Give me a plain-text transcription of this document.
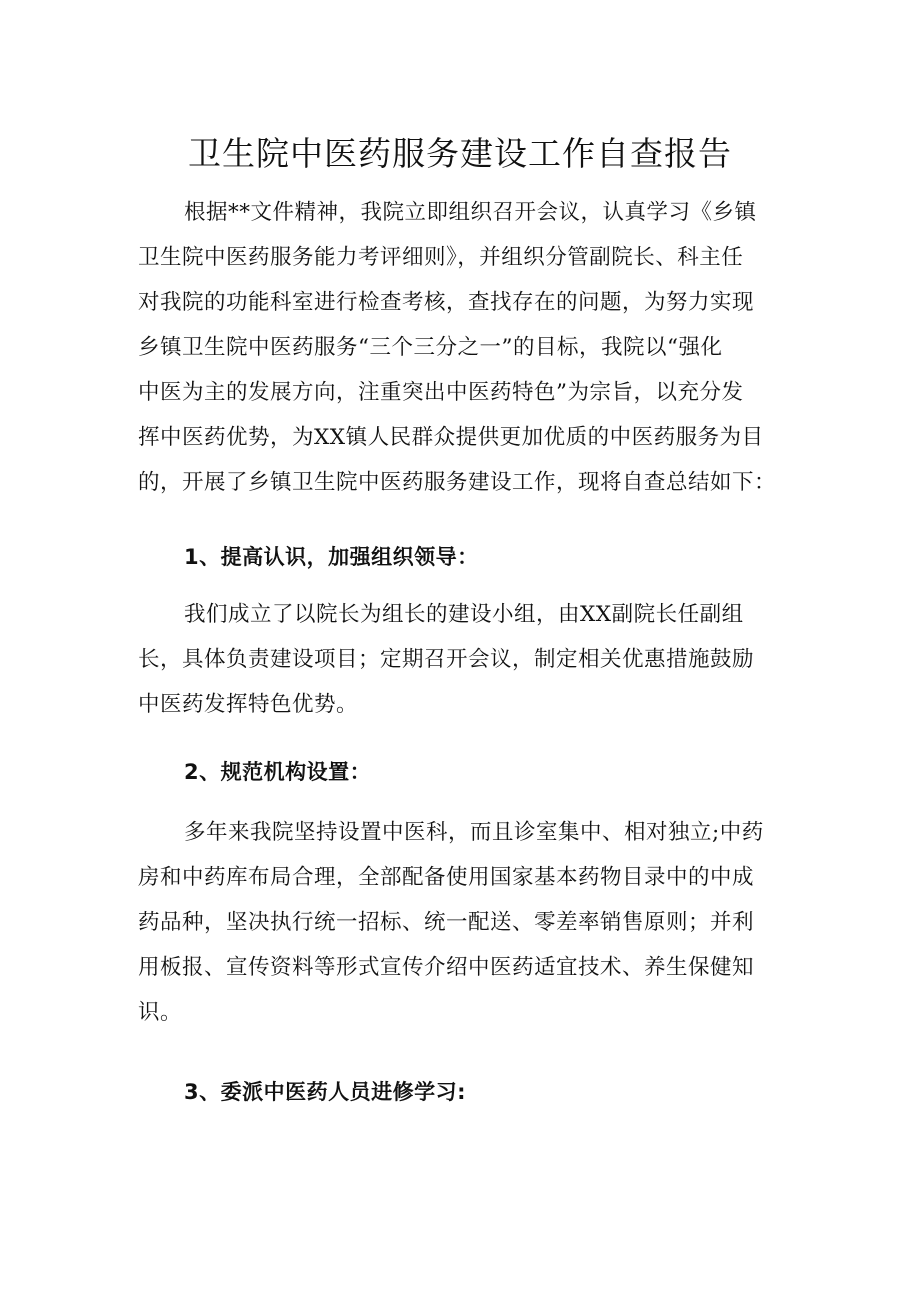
卫生院中医药服务建设工作自查报告
根据**文件精神，我院立即组织召开会议，认真学习《乡镇
卫生院中医药服务能力考评细则》，并组织分管副院长、科主任
对我院的功能科室进行检查考核，查找存在的问题，为努力实现
乡镇卫生院中医药服务“三个三分之一”的目标，我院以“强化
中医为主的发展方向，注重突出中医药特色”为宗旨，以充分发
挥中医药优势，为XX镇人民群众提供更加优质的中医药服务为目
的，开展了乡镇卫生院中医药服务建设工作，现将自查总结如下：
1、提高认识，加强组织领导：
我们成立了以院长为组长的建设小组，由XX副院长任副组
长，具体负责建设项目；定期召开会议，制定相关优惠措施鼓励
中医药发挥特色优势。
2、规范机构设置：
多年来我院坚持设置中医科，而且诊室集中、相对独立;中药
房和中药库布局合理，全部配备使用国家基本药物目录中的中成
药品种，坚决执行统一招标、统一配送、零差率销售原则；并利
用板报、宣传资料等形式宣传介绍中医药适宜技术、养生保健知
识。
3、委派中医药人员进修学习:
